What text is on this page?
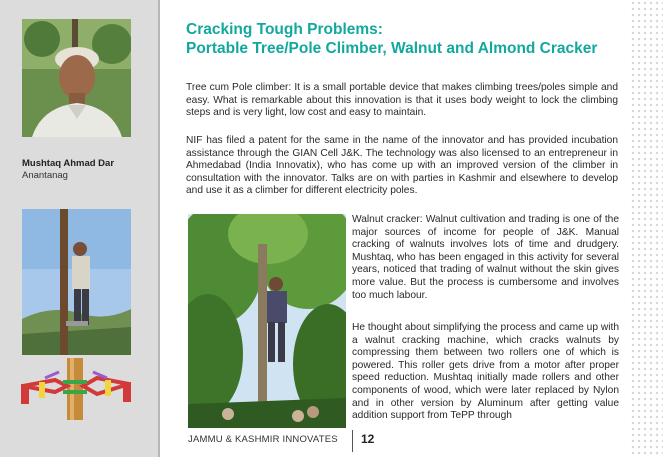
Mushtaq Ahmad Dar
Anantanag
Cracking Tough Problems:
Portable Tree/Pole Climber, Walnut and Almond Cracker
Tree cum Pole climber: It is a small portable device that makes climbing trees/poles simple and easy. What is remarkable about this innovation is that it uses body weight to lock the climbing steps and is very light, low cost and easy to maintain.
NIF has filed a patent for the same in the name of the innovator and has provided incubation assistance through the GIAN Cell J&K. The technology was also licensed to an entrepreneur in Ahmedabad (India Innovatix), who has come up with an improved version of the climber in consultation with the innovator. Talks are on with parties in Kashmir and elsewhere to develop and use it as a climber for different electricity poles.
Walnut cracker: Walnut cultivation and trading is one of the major sources of income for people of J&K. Manual cracking of walnuts involves lots of time and drudgery. Mushtaq, who has been engaged in this activity for several years, noticed that trading of walnut without the skin gives more value. But the process is cumbersome and involves too much labour.
He thought about simplifying the process and came up with a walnut cracking machine, which cracks walnuts by compressing them between two rollers one of which is powered. This roller gets drive from a motor after proper speed reduction. Mushtaq initially made rollers and other components of wood, which were later replaced by Nylon and in other version by Aluminum after getting value addition support from TePP through
JAMMU & KASHMIR INNOVATES 12
